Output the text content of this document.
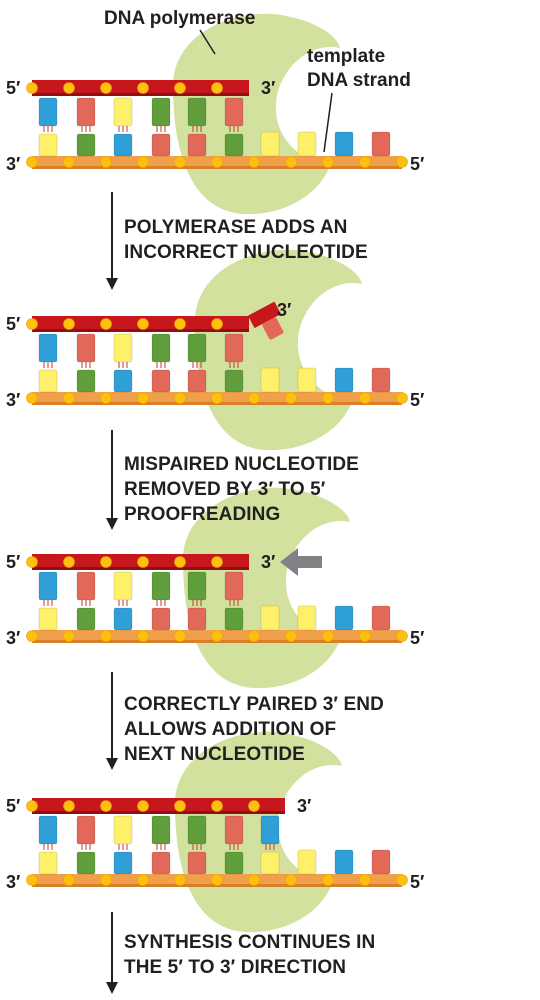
5′	3′
3′	5′
5′
3′
3′	5′
5′	3′
3′	5′
5′	3′
3′	5′
DNA polymerase
template
DNA strand
POLYMERASE ADDS AN
INCORRECT NUCLEOTIDE
MISPAIRED NUCLEOTIDE
REMOVED BY 3′ TO 5′
PROOFREADING
CORRECTLY PAIRED 3′ END
ALLOWS ADDITION OF
NEXT NUCLEOTIDE
SYNTHESIS CONTINUES IN
THE 5′ TO 3′ DIRECTION
